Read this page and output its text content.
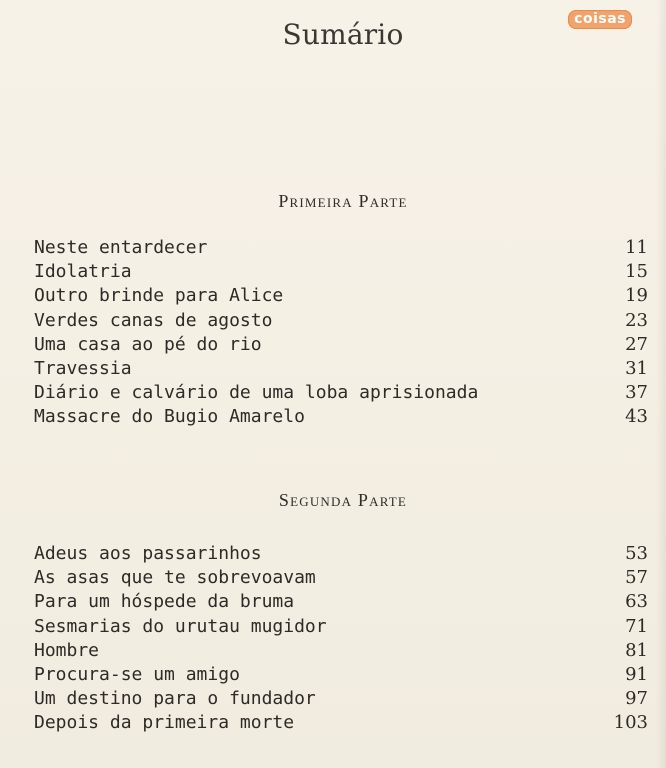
coisas
Sumário
Primeira Parte
Neste entardecer	11
Idolatria	15
Outro brinde para Alice	19
Verdes canas de agosto	23
Uma casa ao pé do rio	27
Travessia	31
Diário e calvário de uma loba aprisionada	37
Massacre do Bugio Amarelo	43
Segunda Parte
Adeus aos passarinhos	53
As asas que te sobrevoavam	57
Para um hóspede da bruma	63
Sesmarias do urutau mugidor	71
Hombre	81
Procura-se um amigo	91
Um destino para o fundador	97
Depois da primeira morte	103
